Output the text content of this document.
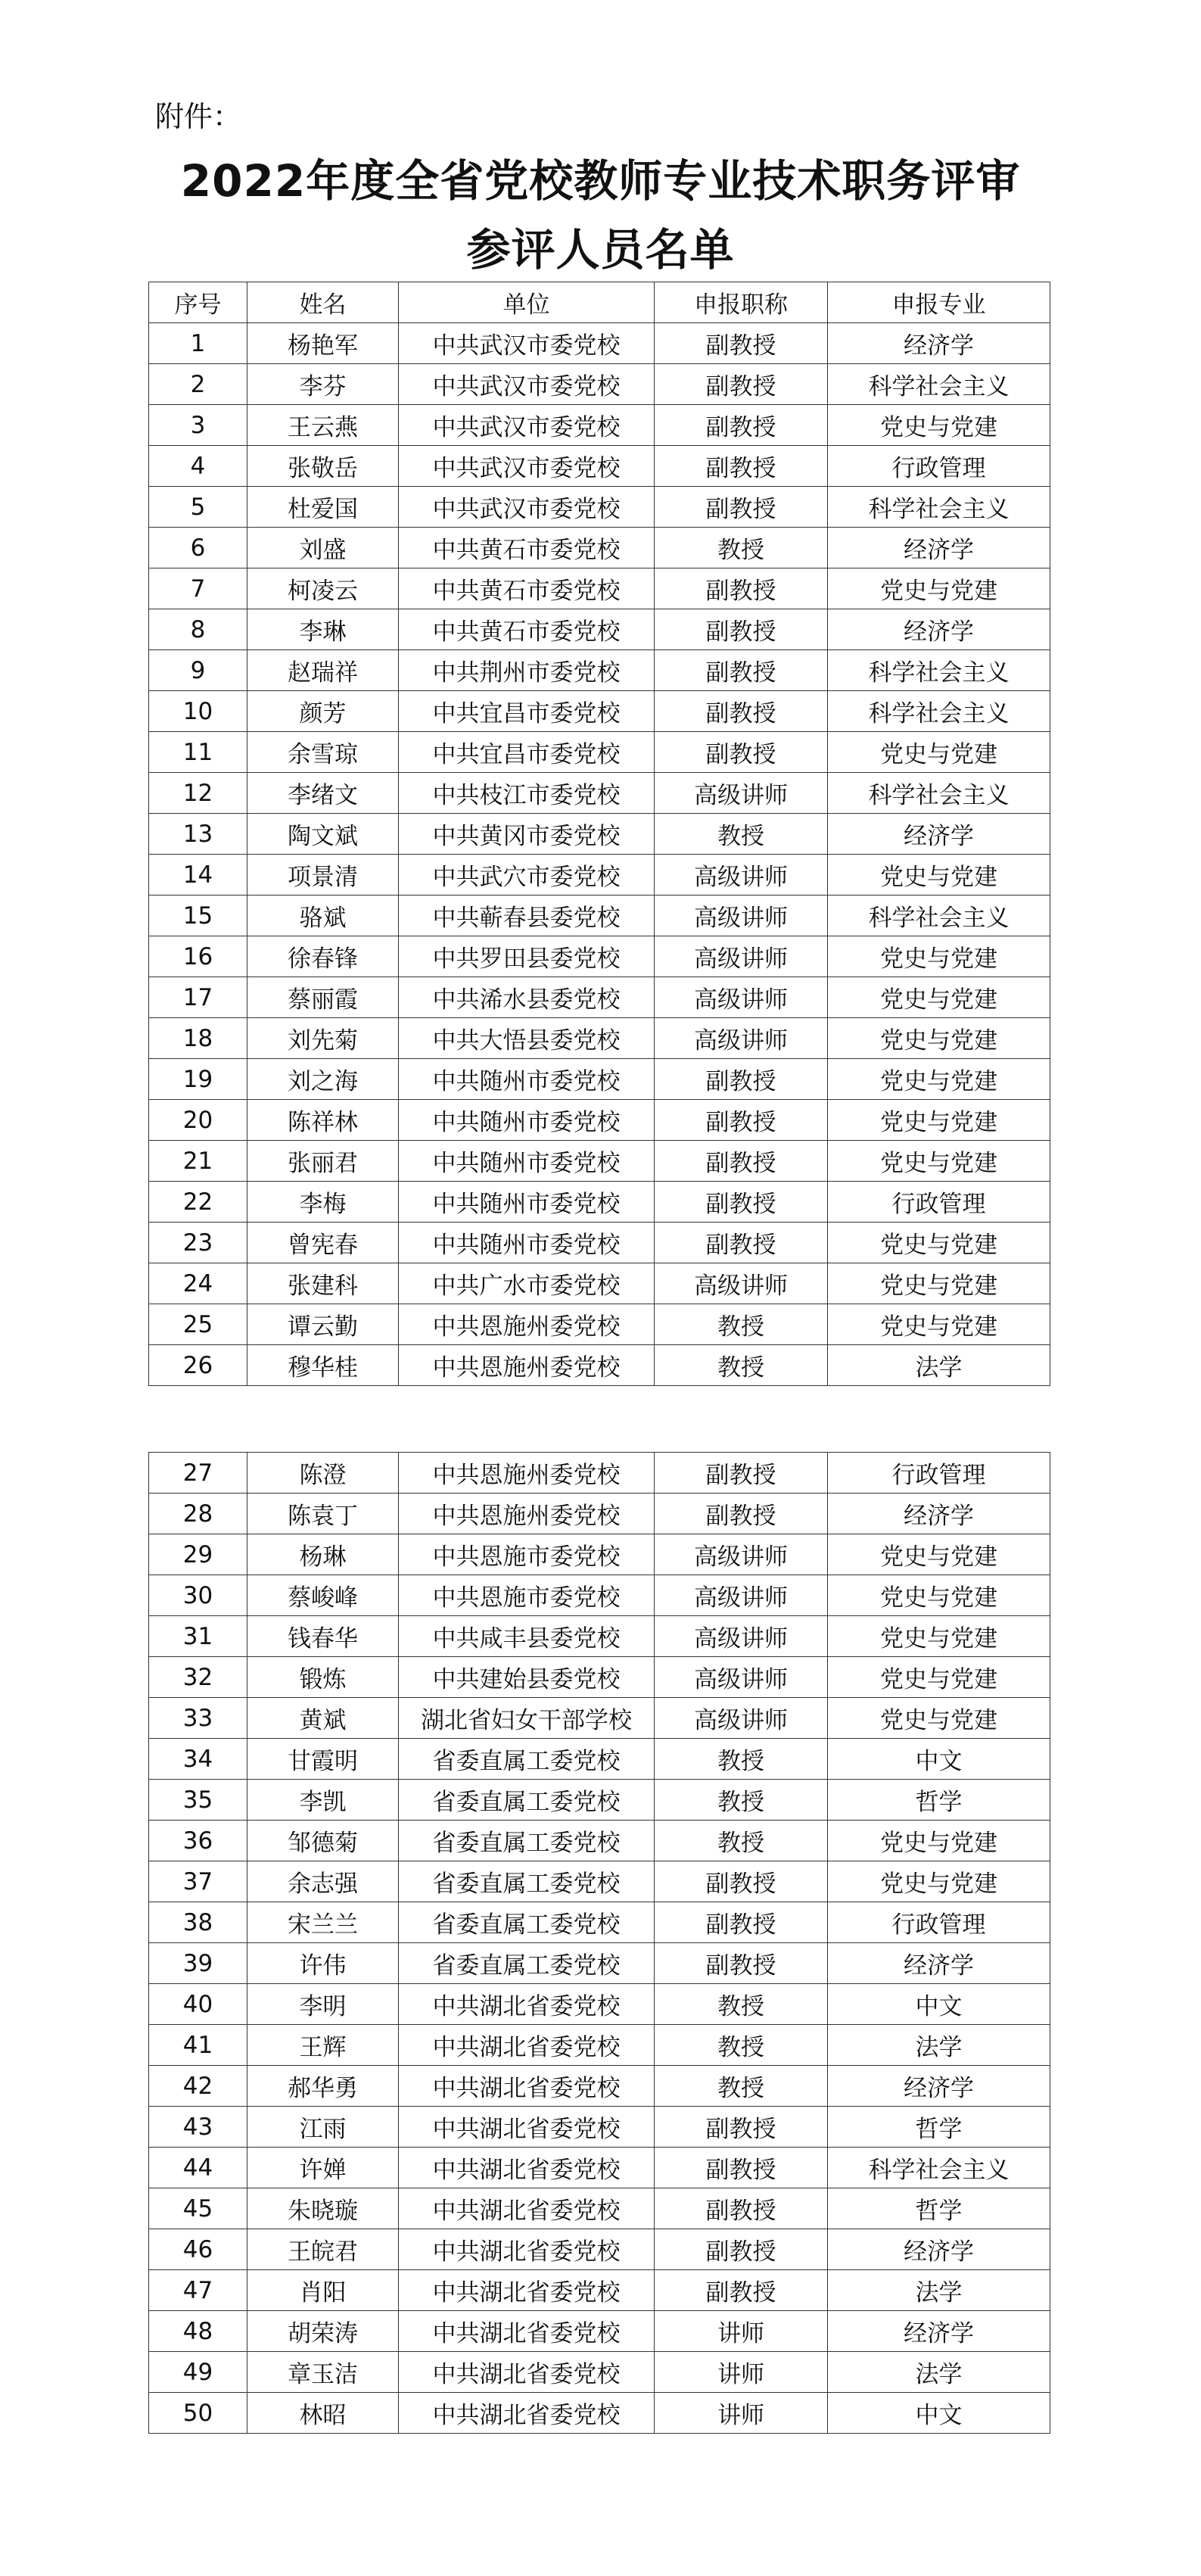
附件：
2022年度全省党校教师专业技术职务评审
参评人员名单
序号	姓名	单位	申报职称	申报专业
1	杨艳军	中共武汉市委党校	副教授	经济学
2	李芬	中共武汉市委党校	副教授	科学社会主义
3	王云燕	中共武汉市委党校	副教授	党史与党建
4	张敬岳	中共武汉市委党校	副教授	行政管理
5	杜爱国	中共武汉市委党校	副教授	科学社会主义
6	刘盛	中共黄石市委党校	教授	经济学
7	柯凌云	中共黄石市委党校	副教授	党史与党建
8	李琳	中共黄石市委党校	副教授	经济学
9	赵瑞祥	中共荆州市委党校	副教授	科学社会主义
10	颜芳	中共宜昌市委党校	副教授	科学社会主义
11	余雪琼	中共宜昌市委党校	副教授	党史与党建
12	李绪文	中共枝江市委党校	高级讲师	科学社会主义
13	陶文斌	中共黄冈市委党校	教授	经济学
14	项景清	中共武穴市委党校	高级讲师	党史与党建
15	骆斌	中共蕲春县委党校	高级讲师	科学社会主义
16	徐春锋	中共罗田县委党校	高级讲师	党史与党建
17	蔡丽霞	中共浠水县委党校	高级讲师	党史与党建
18	刘先菊	中共大悟县委党校	高级讲师	党史与党建
19	刘之海	中共随州市委党校	副教授	党史与党建
20	陈祥林	中共随州市委党校	副教授	党史与党建
21	张丽君	中共随州市委党校	副教授	党史与党建
22	李梅	中共随州市委党校	副教授	行政管理
23	曾宪春	中共随州市委党校	副教授	党史与党建
24	张建科	中共广水市委党校	高级讲师	党史与党建
25	谭云勤	中共恩施州委党校	教授	党史与党建
26	穆华桂	中共恩施州委党校	教授	法学
27	陈澄	中共恩施州委党校	副教授	行政管理
28	陈袁丁	中共恩施州委党校	副教授	经济学
29	杨琳	中共恩施市委党校	高级讲师	党史与党建
30	蔡峻峰	中共恩施市委党校	高级讲师	党史与党建
31	钱春华	中共咸丰县委党校	高级讲师	党史与党建
32	锻炼	中共建始县委党校	高级讲师	党史与党建
33	黄斌	湖北省妇女干部学校	高级讲师	党史与党建
34	甘霞明	省委直属工委党校	教授	中文
35	李凯	省委直属工委党校	教授	哲学
36	邹德菊	省委直属工委党校	教授	党史与党建
37	余志强	省委直属工委党校	副教授	党史与党建
38	宋兰兰	省委直属工委党校	副教授	行政管理
39	许伟	省委直属工委党校	副教授	经济学
40	李明	中共湖北省委党校	教授	中文
41	王辉	中共湖北省委党校	教授	法学
42	郝华勇	中共湖北省委党校	教授	经济学
43	江雨	中共湖北省委党校	副教授	哲学
44	许婵	中共湖北省委党校	副教授	科学社会主义
45	朱晓璇	中共湖北省委党校	副教授	哲学
46	王皖君	中共湖北省委党校	副教授	经济学
47	肖阳	中共湖北省委党校	副教授	法学
48	胡荣涛	中共湖北省委党校	讲师	经济学
49	章玉洁	中共湖北省委党校	讲师	法学
50	林昭	中共湖北省委党校	讲师	中文
